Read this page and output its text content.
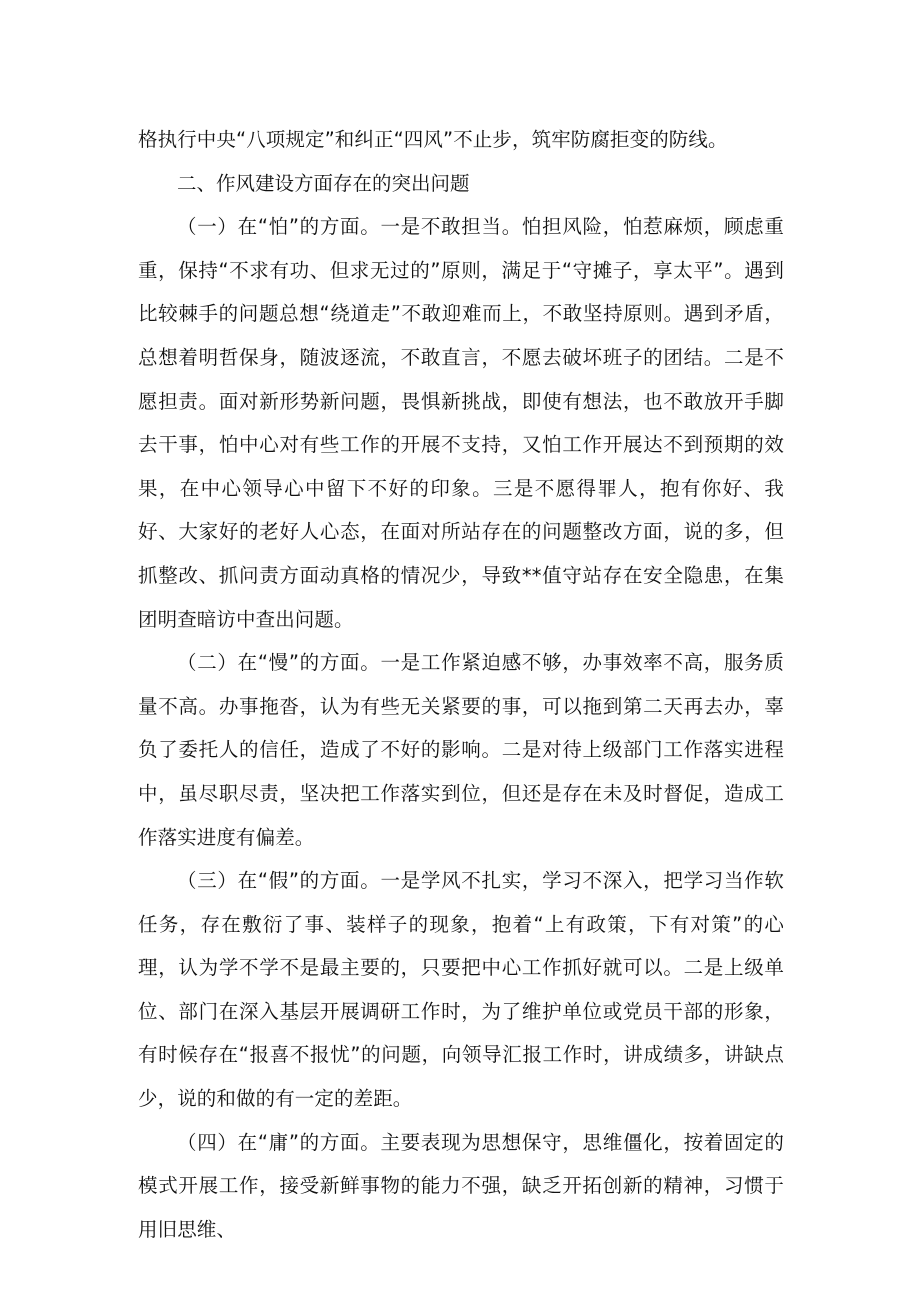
格执行中央“八项规定”和纠正“四风”不止步，筑牢防腐拒变的防线。

二、作风建设方面存在的突出问题

（一）在“怕”的方面。一是不敢担当。怕担风险，怕惹麻烦，顾虑重重，保持“不求有功、但求无过的”原则，满足于“守摊子，享太平”。遇到比较棘手的问题总想“绕道走”不敢迎难而上，不敢坚持原则。遇到矛盾，总想着明哲保身，随波逐流，不敢直言，不愿去破坏班子的团结。二是不愿担责。面对新形势新问题，畏惧新挑战，即使有想法，也不敢放开手脚去干事，怕中心对有些工作的开展不支持，又怕工作开展达不到预期的效果，在中心领导心中留下不好的印象。三是不愿得罪人，抱有你好、我好、大家好的老好人心态，在面对所站存在的问题整改方面，说的多，但抓整改、抓问责方面动真格的情况少，导致**值守站存在安全隐患，在集团明查暗访中查出问题。

（二）在“慢”的方面。一是工作紧迫感不够，办事效率不高，服务质量不高。办事拖沓，认为有些无关紧要的事，可以拖到第二天再去办，辜负了委托人的信任，造成了不好的影响。二是对待上级部门工作落实进程中，虽尽职尽责，坚决把工作落实到位，但还是存在未及时督促，造成工作落实进度有偏差。

（三）在“假”的方面。一是学风不扎实，学习不深入，把学习当作软任务，存在敷衍了事、装样子的现象，抱着“上有政策，下有对策”的心理，认为学不学不是最主要的，只要把中心工作抓好就可以。二是上级单位、部门在深入基层开展调研工作时，为了维护单位或党员干部的形象，有时候存在“报喜不报忧”的问题，向领导汇报工作时，讲成绩多，讲缺点少，说的和做的有一定的差距。

（四）在“庸”的方面。主要表现为思想保守，思维僵化，按着固定的模式开展工作，接受新鲜事物的能力不强，缺乏开拓创新的精神，习惯于用旧思维、
